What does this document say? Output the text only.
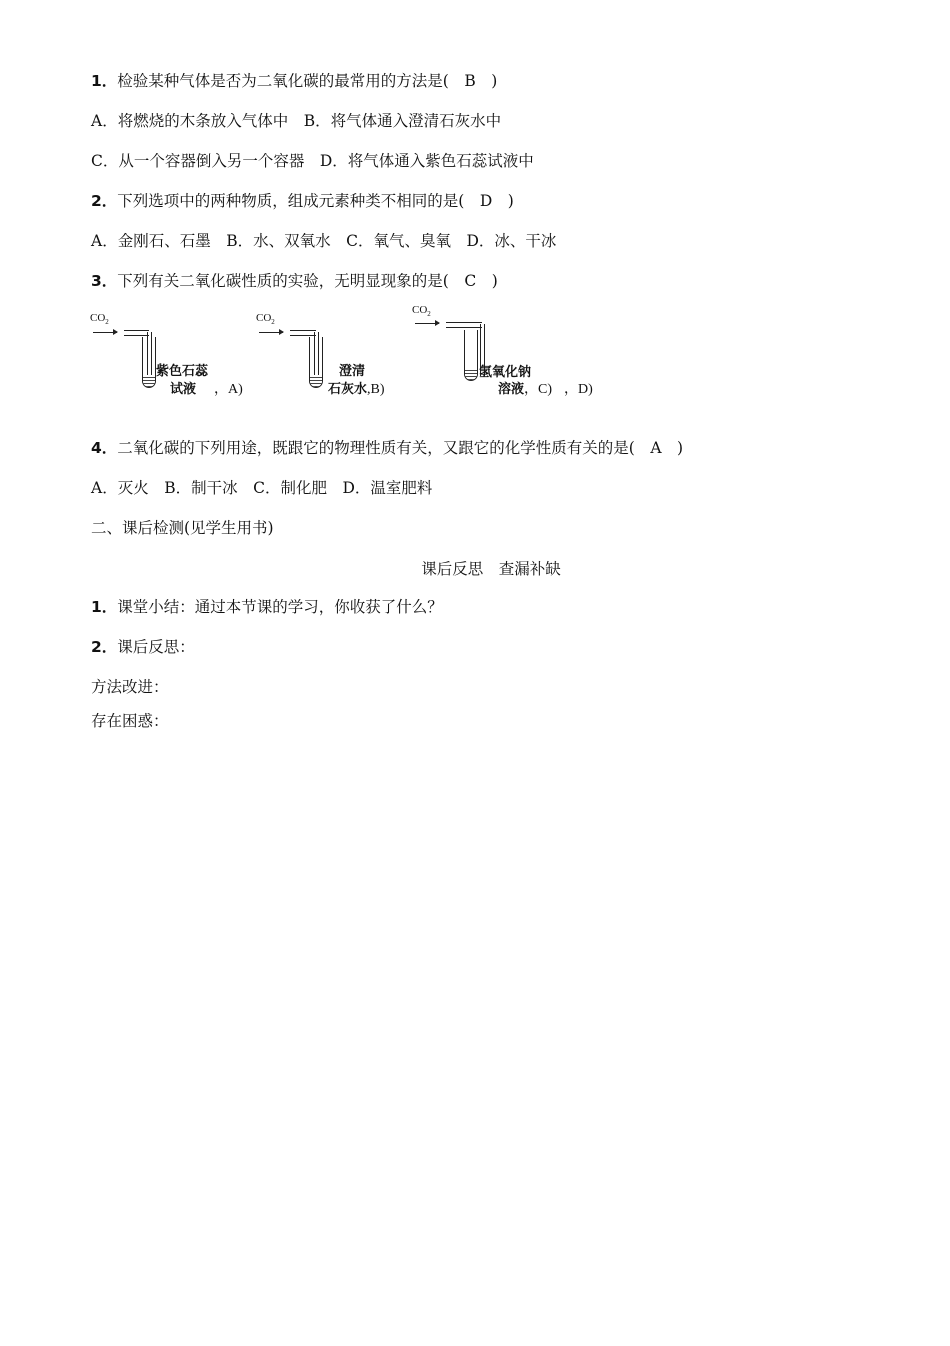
1．检验某种气体是否为二氧化碳的最常用的方法是(　B　)
A．将燃烧的木条放入气体中　B．将气体通入澄清石灰水中
C．从一个容器倒入另一个容器　D．将气体通入紫色石蕊试液中
2．下列选项中的两种物质，组成元素种类不相同的是(　D　)
A．金刚石、石墨　B．水、双氧水　C．氧气、臭氧　D．冰、干冰
3．下列有关二氧化碳性质的实验，无明显现象的是(　C　)
$CO_2$
紫色石蕊
试液 ，A)
$CO_2$
澄清
石灰水,B)
$CO_2$
氢氧化钠
溶液，C) ，D)
4．二氧化碳的下列用途，既跟它的物理性质有关，又跟它的化学性质有关的是(　A　)
A．灭火　B．制干冰　C．制化肥　D．温室肥料
二、课后检测(见学生用书)
课后反思　查漏补缺
1．课堂小结：通过本节课的学习，你收获了什么？
2．课后反思：
方法改进：
存在困惑：
